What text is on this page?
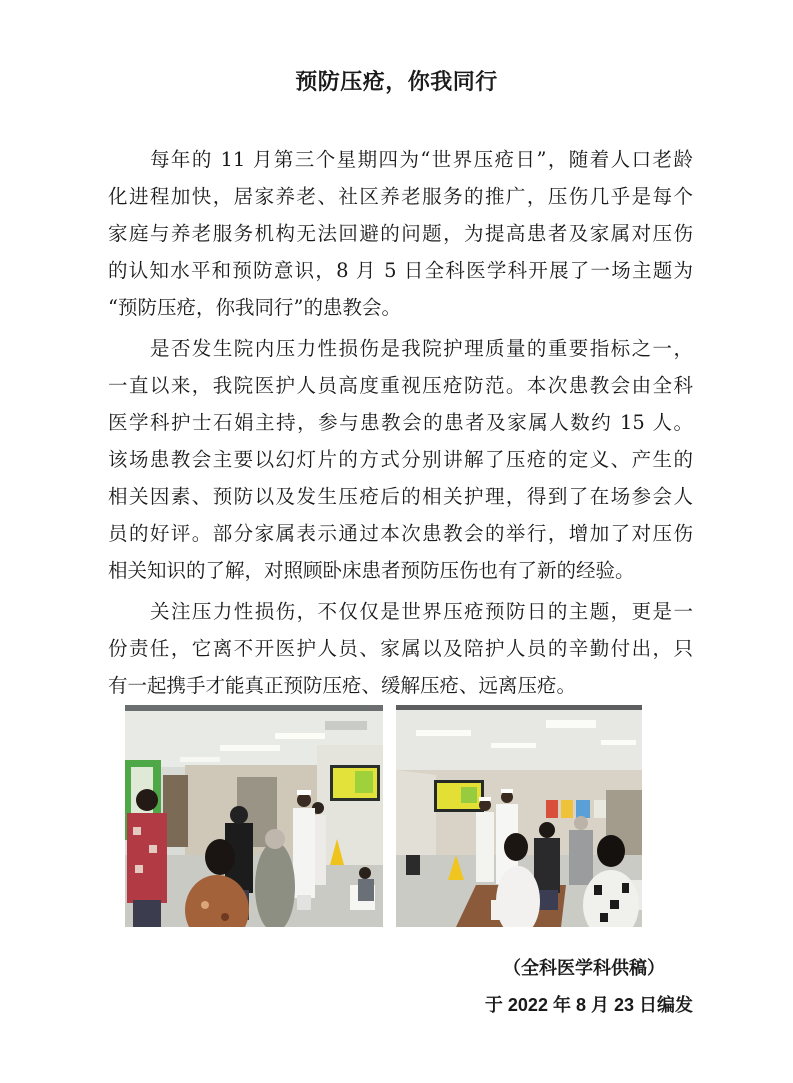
预防压疮，你我同行
每年的 11 月第三个星期四为“世界压疮日”，随着人口老龄
化进程加快，居家养老、社区养老服务的推广，压伤几乎是每个
家庭与养老服务机构无法回避的问题，为提高患者及家属对压伤
的认知水平和预防意识，8 月 5 日全科医学科开展了一场主题为
“预防压疮，你我同行”的患教会。
是否发生院内压力性损伤是我院护理质量的重要指标之一，
一直以来，我院医护人员高度重视压疮防范。本次患教会由全科
医学科护士石娟主持，参与患教会的患者及家属人数约 15 人。
该场患教会主要以幻灯片的方式分别讲解了压疮的定义、产生的
相关因素、预防以及发生压疮后的相关护理，得到了在场参会人
员的好评。部分家属表示通过本次患教会的举行，增加了对压伤
相关知识的了解，对照顾卧床患者预防压伤也有了新的经验。
关注压力性损伤，不仅仅是世界压疮预防日的主题，更是一
份责任，它离不开医护人员、家属以及陪护人员的辛勤付出，只
有一起携手才能真正预防压疮、缓解压疮、远离压疮。
（全科医学科供稿）
于 2022 年 8 月 23 日编发
